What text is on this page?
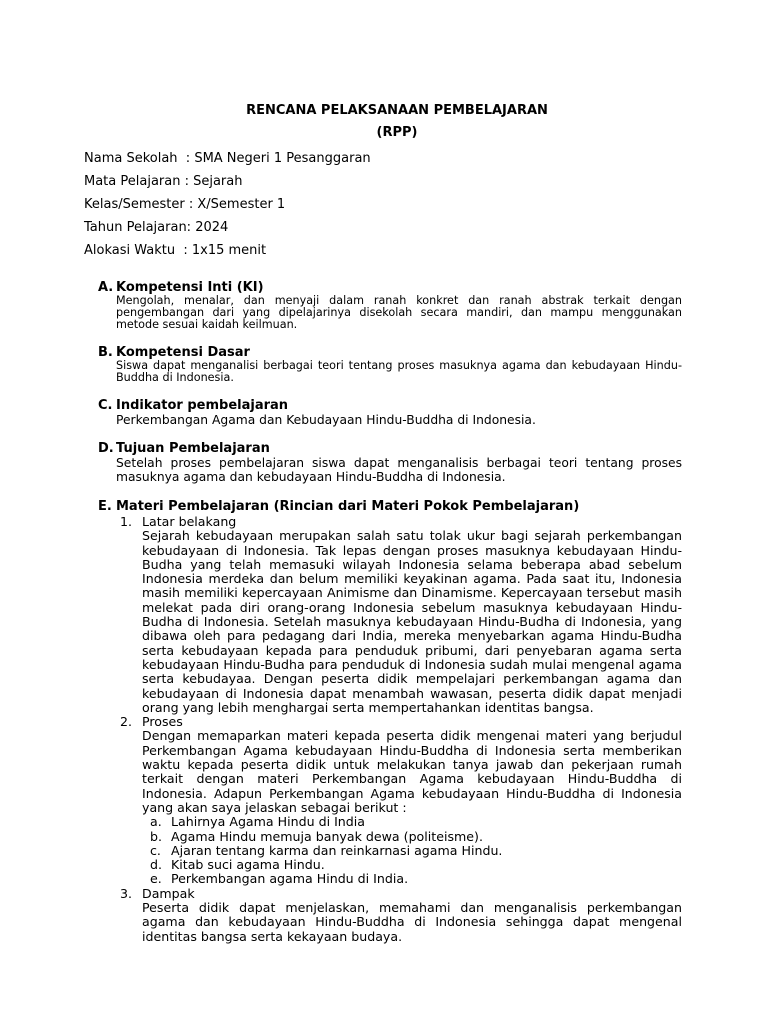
RENCANA PELAKSANAAN PEMBELAJARAN
(RPP)
Nama Sekolah  : SMA Negeri 1 Pesanggaran
Mata Pelajaran : Sejarah
Kelas/Semester : X/Semester 1
Tahun Pelajaran: 2024
Alokasi Waktu  : 1x15 menit
A. Kompetensi Inti (KI)
Mengolah, menalar, dan menyaji dalam ranah konkret dan ranah abstrak terkait dengan pengembangan dari yang dipelajarinya disekolah secara mandiri, dan mampu menggunakan metode sesuai kaidah keilmuan.
B. Kompetensi Dasar
Siswa dapat menganalisi berbagai teori tentang proses masuknya agama dan kebudayaan Hindu-Buddha di Indonesia.
C. Indikator pembelajaran
Perkembangan Agama dan Kebudayaan Hindu-Buddha di Indonesia.
D. Tujuan Pembelajaran
Setelah proses pembelajaran siswa dapat menganalisis berbagai teori tentang proses masuknya agama dan kebudayaan Hindu-Buddha di Indonesia.
E. Materi Pembelajaran (Rincian dari Materi Pokok Pembelajaran)
1. Latar belakang
Sejarah kebudayaan merupakan salah satu tolak ukur bagi sejarah perkembangan kebudayaan di Indonesia. Tak lepas dengan proses masuknya kebudayaan Hindu-Budha yang telah memasuki wilayah Indonesia selama beberapa abad sebelum Indonesia merdeka dan belum memiliki keyakinan agama. Pada saat itu, Indonesia masih memiliki kepercayaan Animisme dan Dinamisme. Kepercayaan tersebut masih melekat pada diri orang-orang Indonesia sebelum masuknya kebudayaan Hindu-Budha di Indonesia. Setelah masuknya kebudayaan Hindu-Budha di Indonesia, yang dibawa oleh para pedagang dari India, mereka menyebarkan agama Hindu-Budha serta kebudayaan kepada para penduduk pribumi, dari penyebaran agama serta kebudayaan Hindu-Budha para penduduk di Indonesia sudah mulai mengenal agama serta kebudayaa. Dengan peserta didik mempelajari perkembangan agama dan kebudayaan di Indonesia dapat menambah wawasan, peserta didik dapat menjadi orang yang lebih menghargai serta mempertahankan identitas bangsa.
2. Proses
Dengan memaparkan materi kepada peserta didik mengenai materi yang berjudul Perkembangan Agama kebudayaan Hindu-Buddha di Indonesia serta memberikan waktu kepada peserta didik untuk melakukan tanya jawab dan pekerjaan rumah terkait dengan materi Perkembangan Agama kebudayaan Hindu-Buddha di Indonesia. Adapun Perkembangan Agama kebudayaan Hindu-Buddha di Indonesia yang akan saya jelaskan sebagai berikut :
a. Lahirnya Agama Hindu di India
b. Agama Hindu memuja banyak dewa (politeisme).
c. Ajaran tentang karma dan reinkarnasi agama Hindu.
d. Kitab suci agama Hindu.
e. Perkembangan agama Hindu di India.
3. Dampak
Peserta didik dapat menjelaskan, memahami dan menganalisis perkembangan agama dan kebudayaan Hindu-Buddha di Indonesia sehingga dapat mengenal identitas bangsa serta kekayaan budaya.
